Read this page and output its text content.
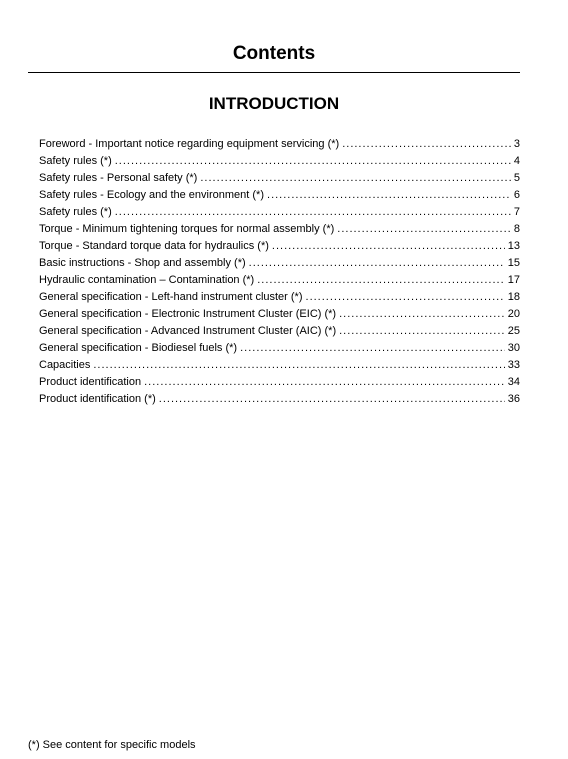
Contents
INTRODUCTION
Foreword - Important notice regarding equipment servicing (*) .....	3
Safety rules (*) .....	4
Safety rules - Personal safety (*) .....	5
Safety rules - Ecology and the environment (*) .....	6
Safety rules (*) .....	7
Torque - Minimum tightening torques for normal assembly (*) .....	8
Torque - Standard torque data for hydraulics (*) .....	13
Basic instructions - Shop and assembly (*) .....	15
Hydraulic contamination – Contamination (*) .....	17
General specification - Left-hand instrument cluster (*) .....	18
General specification - Electronic Instrument Cluster (EIC) (*) .....	20
General specification - Advanced Instrument Cluster (AIC) (*) .....	25
General specification - Biodiesel fuels (*) .....	30
Capacities .....	33
Product identification .....	34
Product identification (*) .....	36
(*) See content for specific models
